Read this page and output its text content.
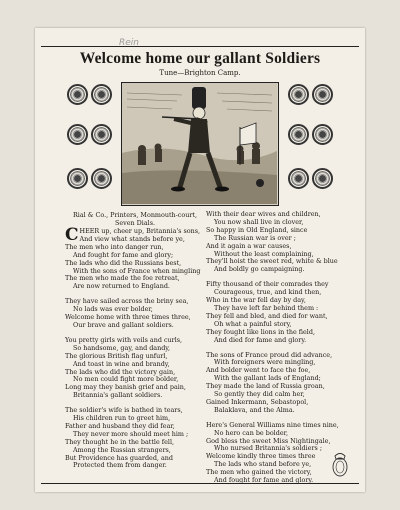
Rein
Welcome home our gallant Soldiers
Tune—Brighton Camp.
Rial & Co., Printers, Monmouth-court,
Seven Dials.
CHEER up, cheer up, Britannia's sons,
And view what stands before ye,
The men who into danger run,
And fought for fame and glory;
The lads who did the Russians best,
With the sons of France when mingling
The men who made the foe retreat,
Are now returned to England.
They have sailed across the briny sea,
No lads was ever bolder,
Welcome home with three times three,
Our brave and gallant soldiers.
You pretty girls with veils and curls,
So handsome, gay, and dandy,
The glorious British flag unfurl,
And toast in wine and brandy,
The lads who did the victory gain,
No men could fight more bolder,
Long may they banish grief and pain,
Britannia's gallant soldiers.
The soldier's wife is bathed in tears,
His children run to greet him,
Father and husband they did fear,
They never more should meet him ;
They thought he in the battle fell,
Among the Russian strangers,
But Providence has guarded, and
Protected them from danger.
With their dear wives and children,
You now shall live in clover,
So happy in Old England, since
The Russian war is over ;
And it again a war causes,
Without the least complaining,
They'll hoist the sweet red, white & blue
And boldly go campaigning.
Fifty thousand of their comrades they
Courageous, true, and kind then,
Who in the war fell day by day,
They have left far behind them :
They fell and bled, and died for want,
Oh what a painful story,
They fought like lions in the field,
And died for fame and glory.
The sons of France proud did advance,
With foreigners were mingling,
And bolder went to face the foe,
With the gallant lads of England;
They made the land of Russia groan,
So gently they did calm her,
Gained Inkermann, Sebastopol,
Balaklava, and the Alma.
Here's General Williams nine times nine,
No hero can be bolder,
God bless the sweet Miss Nightingale,
Who nursed Britannia's soldiers ;
Welcome kindly three times three
The lads who stand before ye,
The men who gained the victory,
And fought for fame and glory.
